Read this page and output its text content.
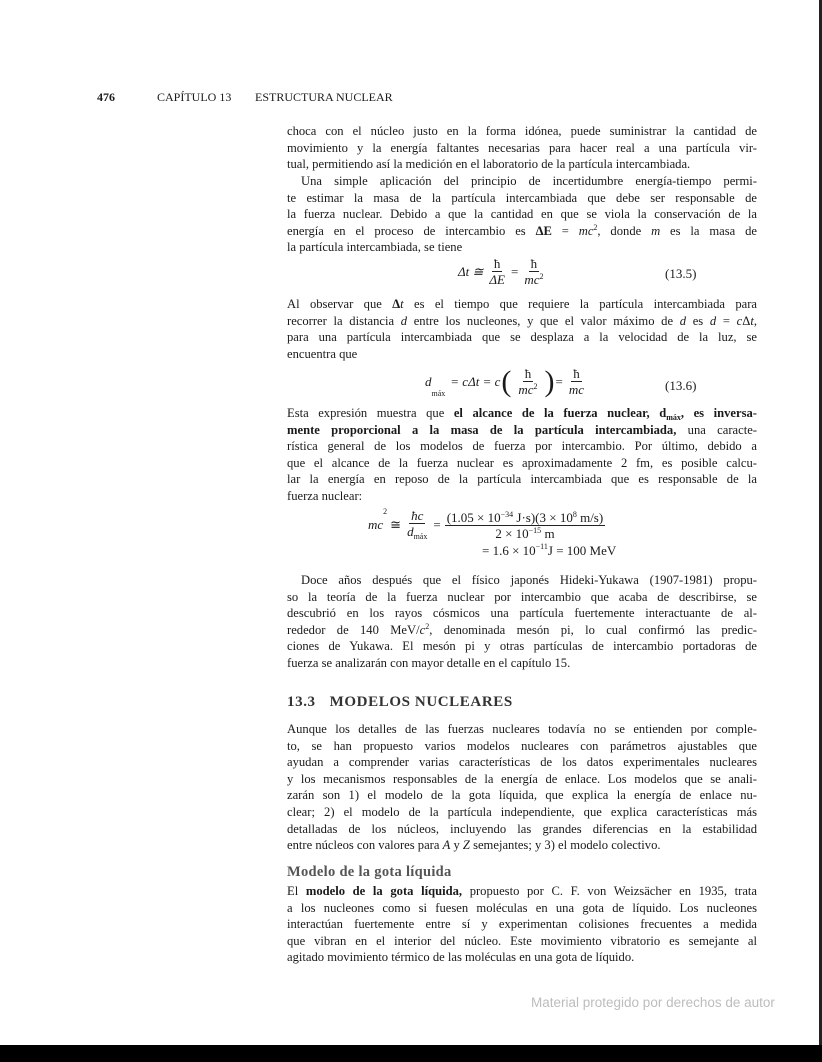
476	CAPÍTULO 13	ESTRUCTURA NUCLEAR
choca con el núcleo justo en la forma idónea, puede suministrar la cantidad de
movimiento y la energía faltantes necesarias para hacer real a una partícula vir-
tual, permitiendo así la medición en el laboratorio de la partícula intercambiada.
Una simple aplicación del principio de incertidumbre energía-tiempo permi-
te estimar la masa de la partícula intercambiada que debe ser responsable de
la fuerza nuclear. Debido a que la cantidad en que se viola la conservación de la
energía en el proceso de intercambio es $\Delta E = mc^2$, donde m es la masa de
la partícula intercambiada, se tiene
Al observar que Δt es el tiempo que requiere la partícula intercambiada para
recorrer la distancia d entre los nucleones, y que el valor máximo de d es d = cΔt,
para una partícula intercambiada que se desplaza a la velocidad de la luz, se
encuentra que
Esta expresión muestra que el alcance de la fuerza nuclear, $d_{máx}$, es inversa-
mente proporcional a la masa de la partícula intercambiada, una caracte-
rística general de los modelos de fuerza por intercambio. Por último, debido a
que el alcance de la fuerza nuclear es aproximadamente 2 fm, es posible calcu-
lar la energía en reposo de la partícula intercambiada que es responsable de la
fuerza nuclear:
Doce años después que el físico japonés Hideki-Yukawa (1907-1981) propu-
so la teoría de la fuerza nuclear por intercambio que acaba de describirse, se
descubrió en los rayos cósmicos una partícula fuertemente interactuante de al-
rededor de 140 MeV/$c^2$, denominada mesón pi, lo cual confirmó las predic-
ciones de Yukawa. El mesón pi y otras partículas de intercambio portadoras de
fuerza se analizarán con mayor detalle en el capítulo 15.
Aunque los detalles de las fuerzas nucleares todavía no se entienden por comple-
to, se han propuesto varios modelos nucleares con parámetros ajustables que
ayudan a comprender varias características de los datos experimentales nucleares
y los mecanismos responsables de la energía de enlace. Los modelos que se anali-
zarán son 1) el modelo de la gota líquida, que explica la energía de enlace nu-
clear; 2) el modelo de la partícula independiente, que explica características más
detalladas de los núcleos, incluyendo las grandes diferencias en la estabilidad
entre núcleos con valores para A y Z semejantes; y 3) el modelo colectivo.
El modelo de la gota líquida, propuesto por C. F. von Weizsächer en 1935, trata
a los nucleones como si fuesen moléculas en una gota de líquido. Los nucleones
interactúan fuertemente entre sí y experimentan colisiones frecuentes a medida
que vibran en el interior del núcleo. Este movimiento vibratorio es semejante al
agitado movimiento térmico de las moléculas en una gota de líquido.
Δt ≅ $\frac{ħ}{\Delta E} = \frac{ħ}{mc^2}$	(13.5)
d
$_{máx}$
= cΔt = c ( $\frac{ħ}{mc^2}$ ) = $\frac{ħ}{mc}$	(13.6)
mc
2
≅ $\frac{ħc}{d_{máx}} = \frac{(1.05 \times 10^{-34} J\cdot s)(3 \times 10^8 m/s)}{2 \times 10^{-15} m}$
= $1.6 \times 10^{-11}$ J = 100 MeV
13.3 MODELOS NUCLEARES
Modelo de la gota líquida
Material protegido por derechos de autor
